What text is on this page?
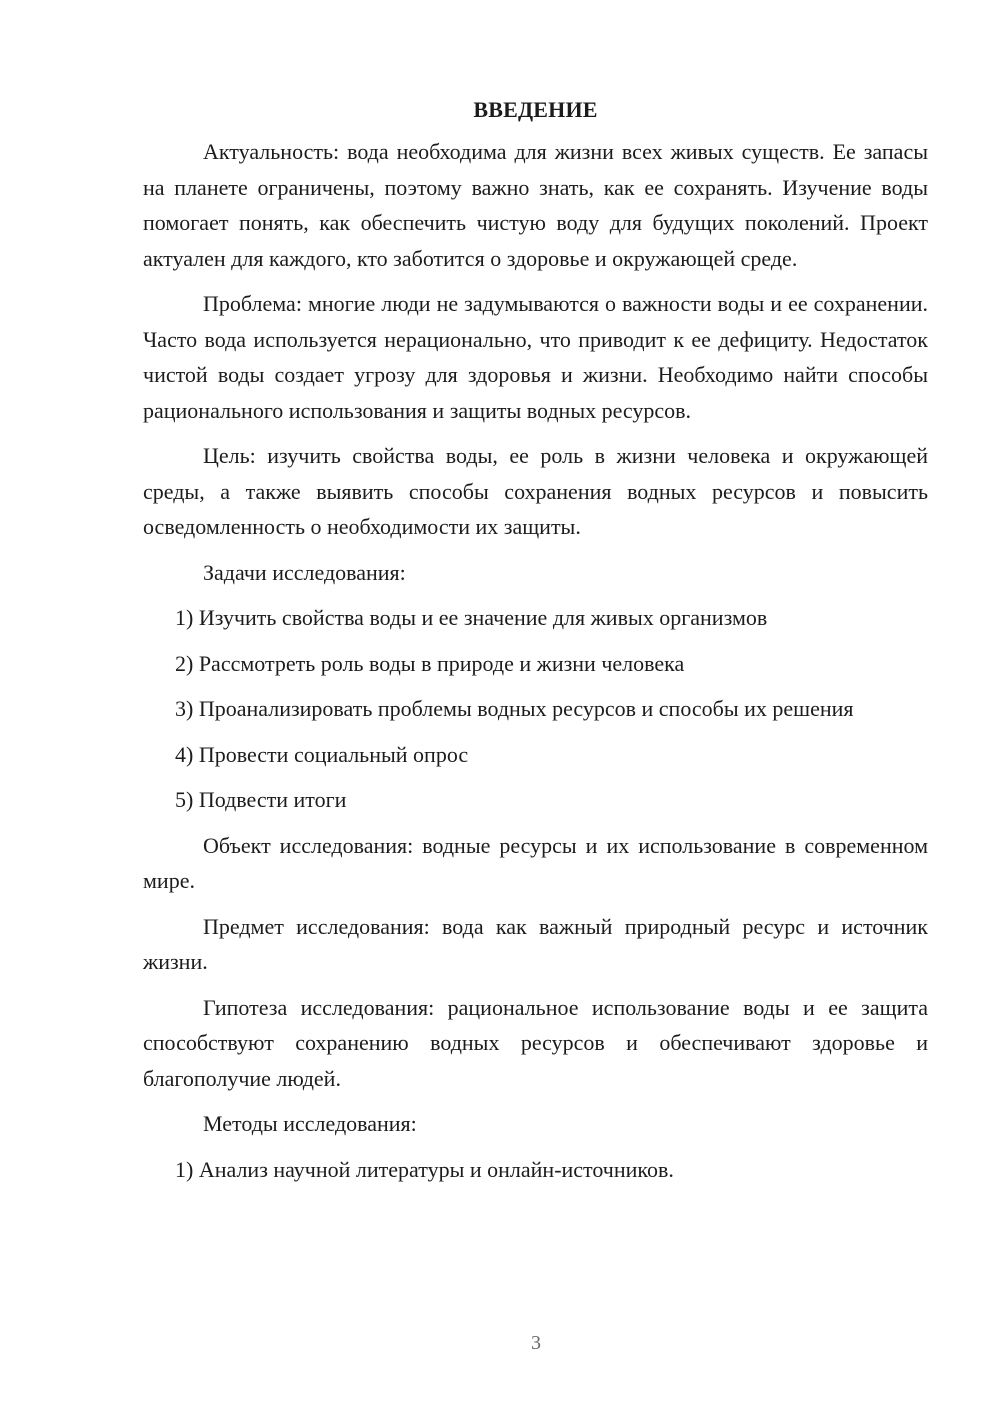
ВВЕДЕНИЕ

Актуальность: вода необходима для жизни всех живых существ. Ее запасы на планете ограничены, поэтому важно знать, как ее сохранять. Изучение воды помогает понять, как обеспечить чистую воду для будущих поколений. Проект актуален для каждого, кто заботится о здоровье и окружающей среде.

Проблема: многие люди не задумываются о важности воды и ее сохранении. Часто вода используется нерационально, что приводит к ее дефициту. Недостаток чистой воды создает угрозу для здоровья и жизни. Необходимо найти способы рационального использования и защиты водных ресурсов.

Цель: изучить свойства воды, ее роль в жизни человека и окружающей среды, а также выявить способы сохранения водных ресурсов и повысить осведомленность о необходимости их защиты.

Задачи исследования:

1) Изучить свойства воды и ее значение для живых организмов

2) Рассмотреть роль воды в природе и жизни человека

3) Проанализировать проблемы водных ресурсов и способы их решения

4) Провести социальный опрос

5) Подвести итоги

Объект исследования: водные ресурсы и их использование в современном мире.

Предмет исследования: вода как важный природный ресурс и источник жизни.

Гипотеза исследования: рациональное использование воды и ее защита способствуют сохранению водных ресурсов и обеспечивают здоровье и благополучие людей.

Методы исследования:

1) Анализ научной литературы и онлайн-источников.

3
